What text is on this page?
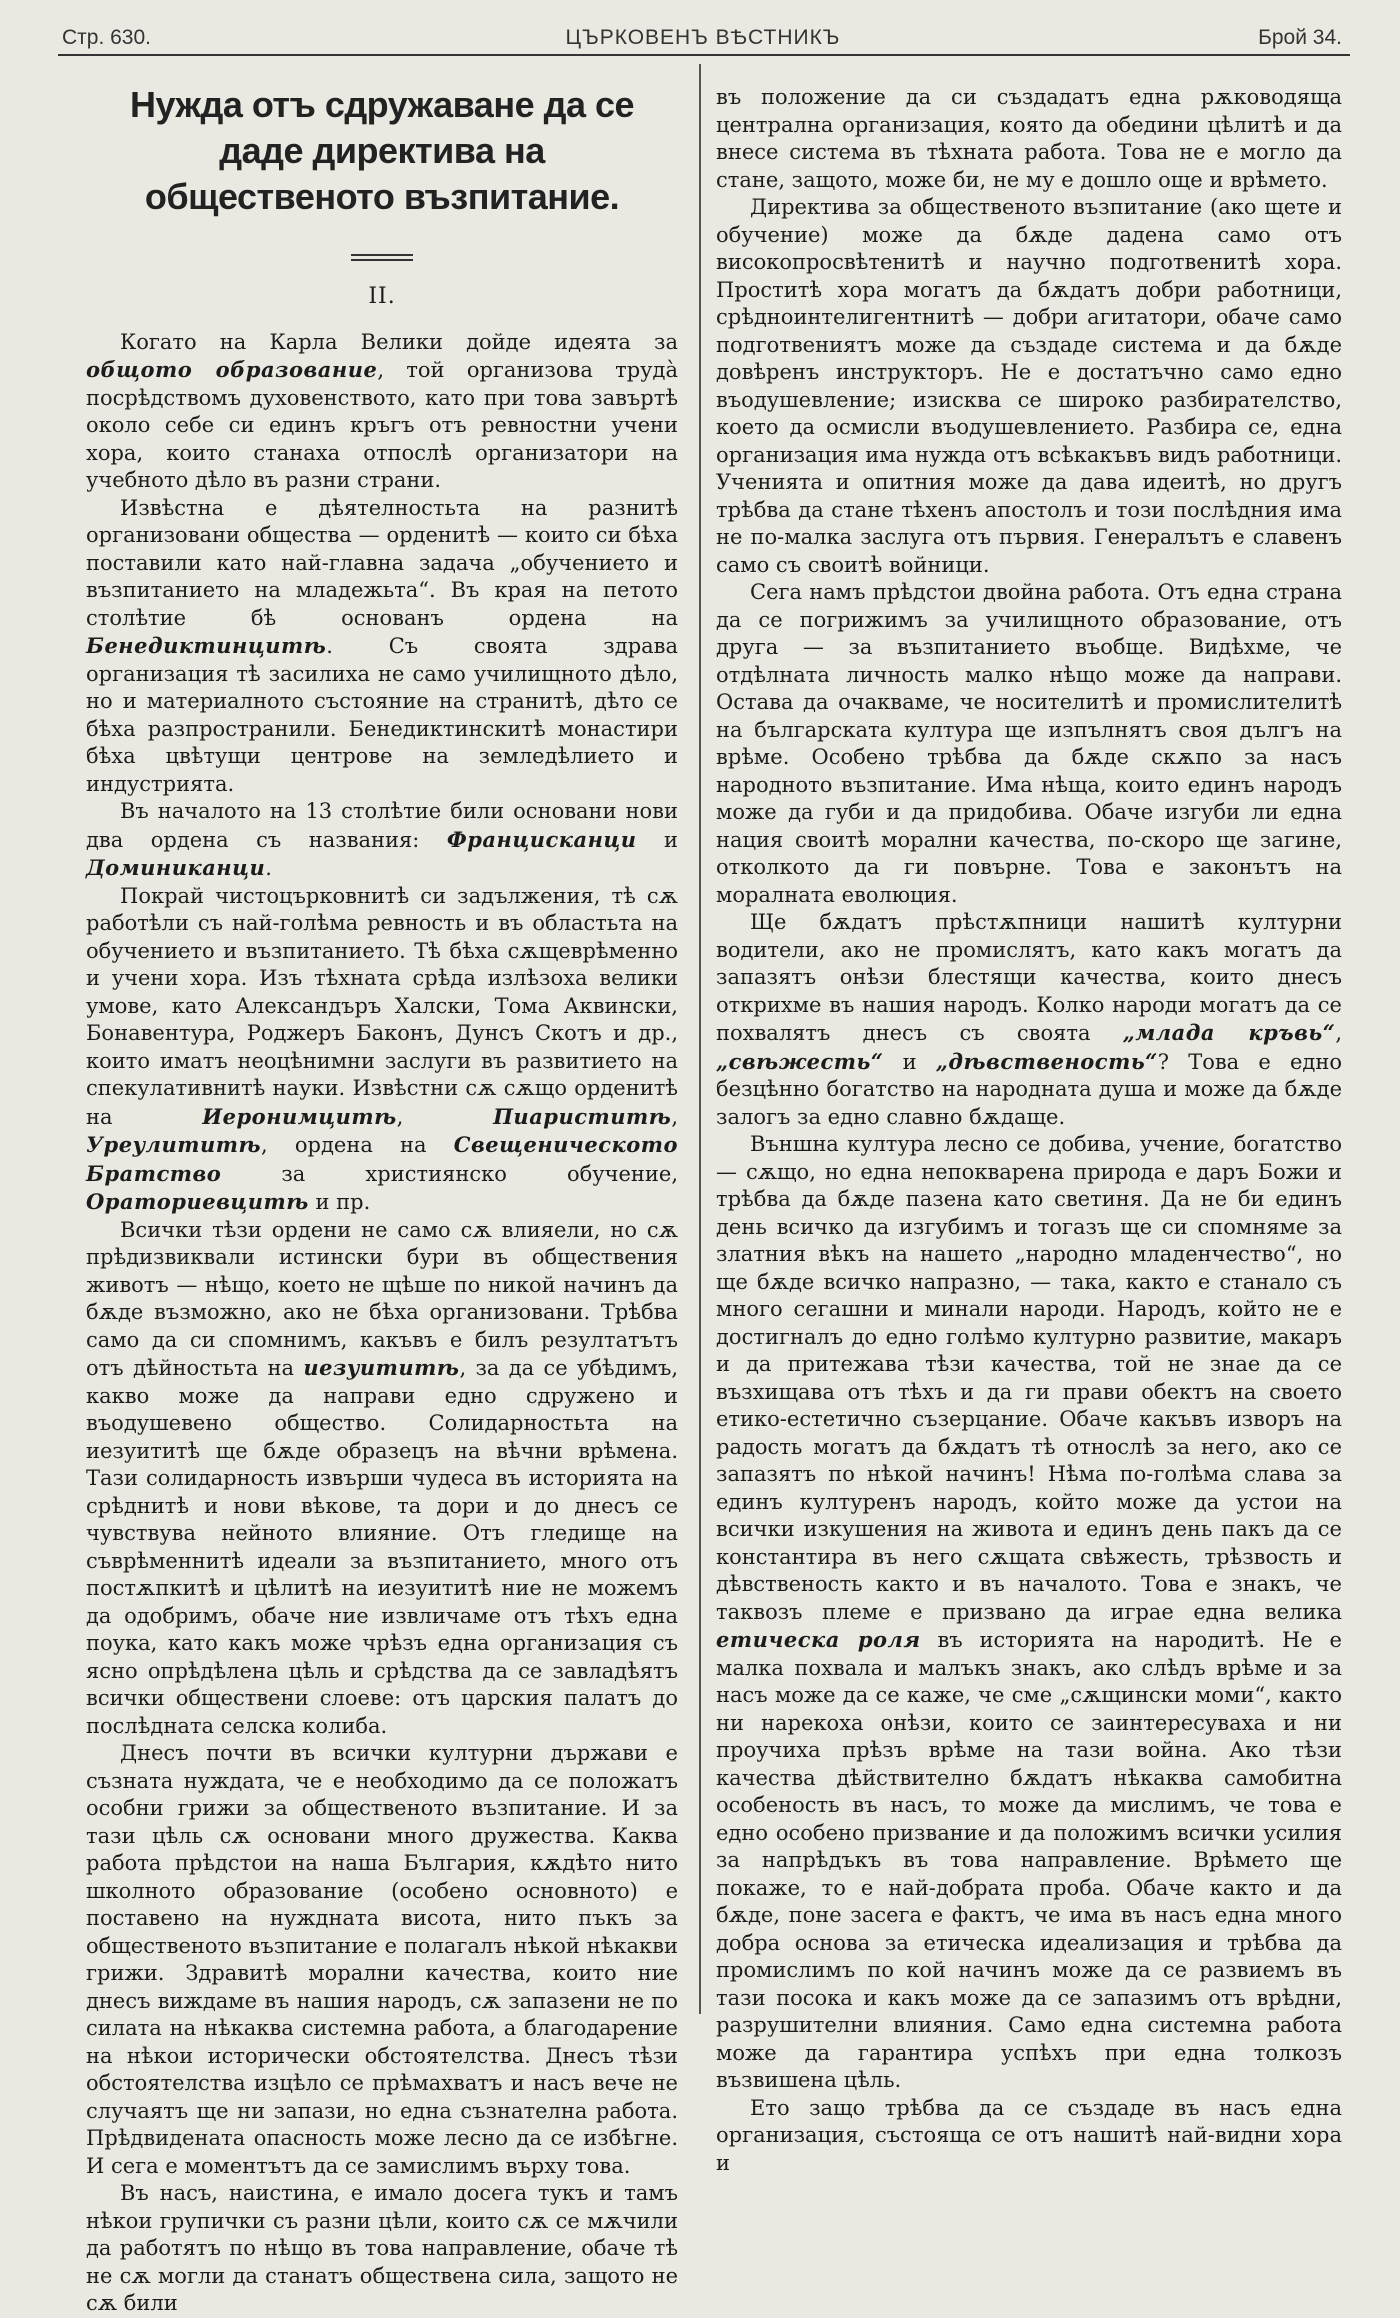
Стр. 630.	ЦЪРКОВЕНЪ ВѢСТНИКЪ	Брой 34.
Нужда отъ сдружаване да се даде директива на общественото възпитание.
II.

Когато на Карла Велики дойде идеята за общото образование, той организова трудà посрѣдствомъ духовенството, като при това завъртѣ около себе си единъ кръгъ отъ ревностни учени хора, които станаха отпослѣ организатори на учебното дѣло въ разни страни.

Извѣстна е дѣятелностьта на разнитѣ организовани общества — орденитѣ — които си бѣха поставили като най-главна задача „обучението и възпитанието на младежьта“. Въ края на петото столѣтие бѣ основанъ ордена на Бенедиктинцитѣ. Съ своята здрава организация тѣ засилиха не само училищното дѣло, но и материалното състояние на странитѣ, дѣто се бѣха разпространили. Бенедиктинскитѣ монастири бѣха цвѣтущи центрове на земледѣлието и индустрията.

Въ началото на 13 столѣтие били основани нови два ордена съ названия: Францисканци и Доминиканци.

Покрай чистоцърковнитѣ си задължения, тѣ сѫ работѣли съ най-голѣма ревность и въ областьта на обучението и възпитанието. Тѣ бѣха сѫщеврѣменно и учени хора. Изъ тѣхната срѣда излѣзоха велики умове, като Александъръ Халски, Тома Аквински, Бонавентура, Роджеръ Баконъ, Дунсъ Скотъ и др., които иматъ неоцѣнимни заслуги въ развитието на спекулативнитѣ науки. Извѣстни сѫ сѫщо орденитѣ на Иеронимцитѣ, Пиариститѣ, Уреулититѣ, ордена на Свещеническото Братство за християнско обучение, Ораториевцитѣ и пр.

Всички тѣзи ордени не само сѫ влияели, но сѫ прѣдизвиквали истински бури въ обществения животъ — нѣщо, което не щѣше по никой начинъ да бѫде възможно, ако не бѣха организовани. Трѣбва само да си спомнимъ, какъвъ е билъ резултатътъ отъ дѣйностьта на иезуититѣ, за да се убѣдимъ, какво може да направи едно сдружено и въодушевено общество. Солидарностьта на иезуититѣ ще бѫде образецъ на вѣчни врѣмена. Тази солидарность извърши чудеса въ историята на срѣднитѣ и нови вѣкове, та дори и до днесъ се чувствува нейното влияние. Отъ гледище на съврѣменнитѣ идеали за възпитанието, много отъ постѫпкитѣ и цѣлитѣ на иезуититѣ ние не можемъ да одобримъ, обаче ние извличаме отъ тѣхъ една поука, като какъ може чрѣзъ една организация съ ясно опрѣдѣлена цѣль и срѣдства да се завладѣятъ всички обществени слоеве: отъ царския палатъ до послѣдната селска колиба.

Днесъ почти въ всички културни държави е съзната нуждата, че е необходимо да се положатъ особни грижи за общественото възпитание. И за тази цѣль сѫ основани много дружества. Каква работа прѣдстои на наша България, кѫдѣто нито школното образование (особено основното) е поставено на нуждната висота, нито пъкъ за общественото възпитание е полагалъ нѣкой нѣкакви грижи. Здравитѣ морални качества, които ние днесъ виждаме въ нашия народъ, сѫ запазени не по силата на нѣкаква системна работа, а благодарение на нѣкои исторически обстоятелства. Днесъ тѣзи обстоятелства изцѣло се прѣмахватъ и насъ вече не случаятъ ще ни запази, но една съзнателна работа. Прѣдвидената опасность може лесно да се избѣгне. И сега е моментътъ да се замислимъ върху това.

Въ насъ, наистина, е имало досега тукъ и тамъ нѣкои групички съ разни цѣли, които сѫ се мѫчили да работятъ по нѣщо въ това направление, обаче тѣ не сѫ могли да станатъ обществена сила, защото не сѫ били

въ положение да си създадатъ една рѫководяща централна организация, която да обедини цѣлитѣ и да внесе система въ тѣхната работа. Това не е могло да стане, защото, може би, не му е дошло още и врѣмето.

Директива за общественото възпитание (ако щете и обучение) може да бѫде дадена само отъ високопросвѣтенитѣ и научно подготвенитѣ хора. Проститѣ хора могатъ да бѫдатъ добри работници, срѣдноинтелигентнитѣ — добри агитатори, обаче само подготвениятъ може да създаде система и да бѫде довѣренъ инструкторъ. Не е достатъчно само едно въодушевление; изисква се широко разбирателство, което да осмисли въодушевлението. Разбира се, една организация има нужда отъ всѣкакъвъ видъ работници. Ученията и опитния може да дава идеитѣ, но другъ трѣбва да стане тѣхенъ апостолъ и този послѣдния има не по-малка заслуга отъ първия. Генералътъ е славенъ само съ своитѣ войници.

Сега намъ прѣдстои двойна работа. Отъ една страна да се погрижимъ за училищното образование, отъ друга — за възпитанието въобще. Видѣхме, че отдѣлната личность малко нѣщо може да направи. Остава да очакваме, че носителитѣ и промислителитѣ на българската култура ще изпълнятъ своя дългъ на врѣме. Особено трѣбва да бѫде скѫпо за насъ народното възпитание. Има нѣща, които единъ народъ може да губи и да придобива. Обаче изгуби ли една нация своитѣ морални качества, по-скоро ще загине, отколкото да ги повърне. Това е законътъ на моралната еволюция.

Ще бѫдатъ прѣстѫпници нашитѣ културни водители, ако не промислятъ, като какъ могатъ да запазятъ онѣзи блестящи качества, които днесъ открихме въ нашия народъ. Колко народи могатъ да се похвалятъ днесъ съ своята „млада кръвь“, „свѣжесть“ и „дѣвственость“? Това е едно безцѣнно богатство на народната душа и може да бѫде залогъ за едно славно бѫдаще.

Външна култура лесно се добива, учение, богатство — сѫщо, но една непокварена природа е даръ Божи и трѣбва да бѫде пазена като светиня. Да не би единъ день всичко да изгубимъ и тогазъ ще си спомняме за златния вѣкъ на нашето „народно младенчество“, но ще бѫде всичко напразно, — така, както е станало съ много сегашни и минали народи. Народъ, който не е достигналъ до едно голѣмо културно развитие, макаръ и да притежава тѣзи качества, той не знае да се възхищава отъ тѣхъ и да ги прави обектъ на своето етико-естетично съзерцание. Обаче какъвъ изворъ на радость могатъ да бѫдатъ тѣ относлѣ за него, ако се запазятъ по нѣкой начинъ! Нѣма по-голѣма слава за единъ културенъ народъ, който може да устои на всички изкушения на живота и единъ день пакъ да се константира въ него сѫщата свѣжесть, трѣзвость и дѣвственость както и въ началото. Това е знакъ, че таквозъ племе е призвано да играе една велика етическа роля въ историята на народитѣ. Не е малка похвала и малъкъ знакъ, ако слѣдъ врѣме и за насъ може да се каже, че сме „сѫщински моми“, както ни нарекоха онѣзи, които се заинтересуваха и ни проучиха прѣзъ врѣме на тази война. Ако тѣзи качества дѣйствително бѫдатъ нѣкаква самобитна особеность въ насъ, то може да мислимъ, че това е едно особено призвание и да положимъ всички усилия за напрѣдъкъ въ това направление. Врѣмето ще покаже, то е най-добрата проба. Обаче както и да бѫде, поне засега е фактъ, че има въ насъ една много добра основа за етическа идеализация и трѣбва да промислимъ по кой начинъ може да се развиемъ въ тази посока и какъ може да се запазимъ отъ врѣдни, разрушителни влияния. Само една системна работа може да гарантира успѣхъ при една толкозъ възвишена цѣль.

Ето защо трѣбва да се създаде въ насъ една организация, състояща се отъ нашитѣ най-видни хора и
